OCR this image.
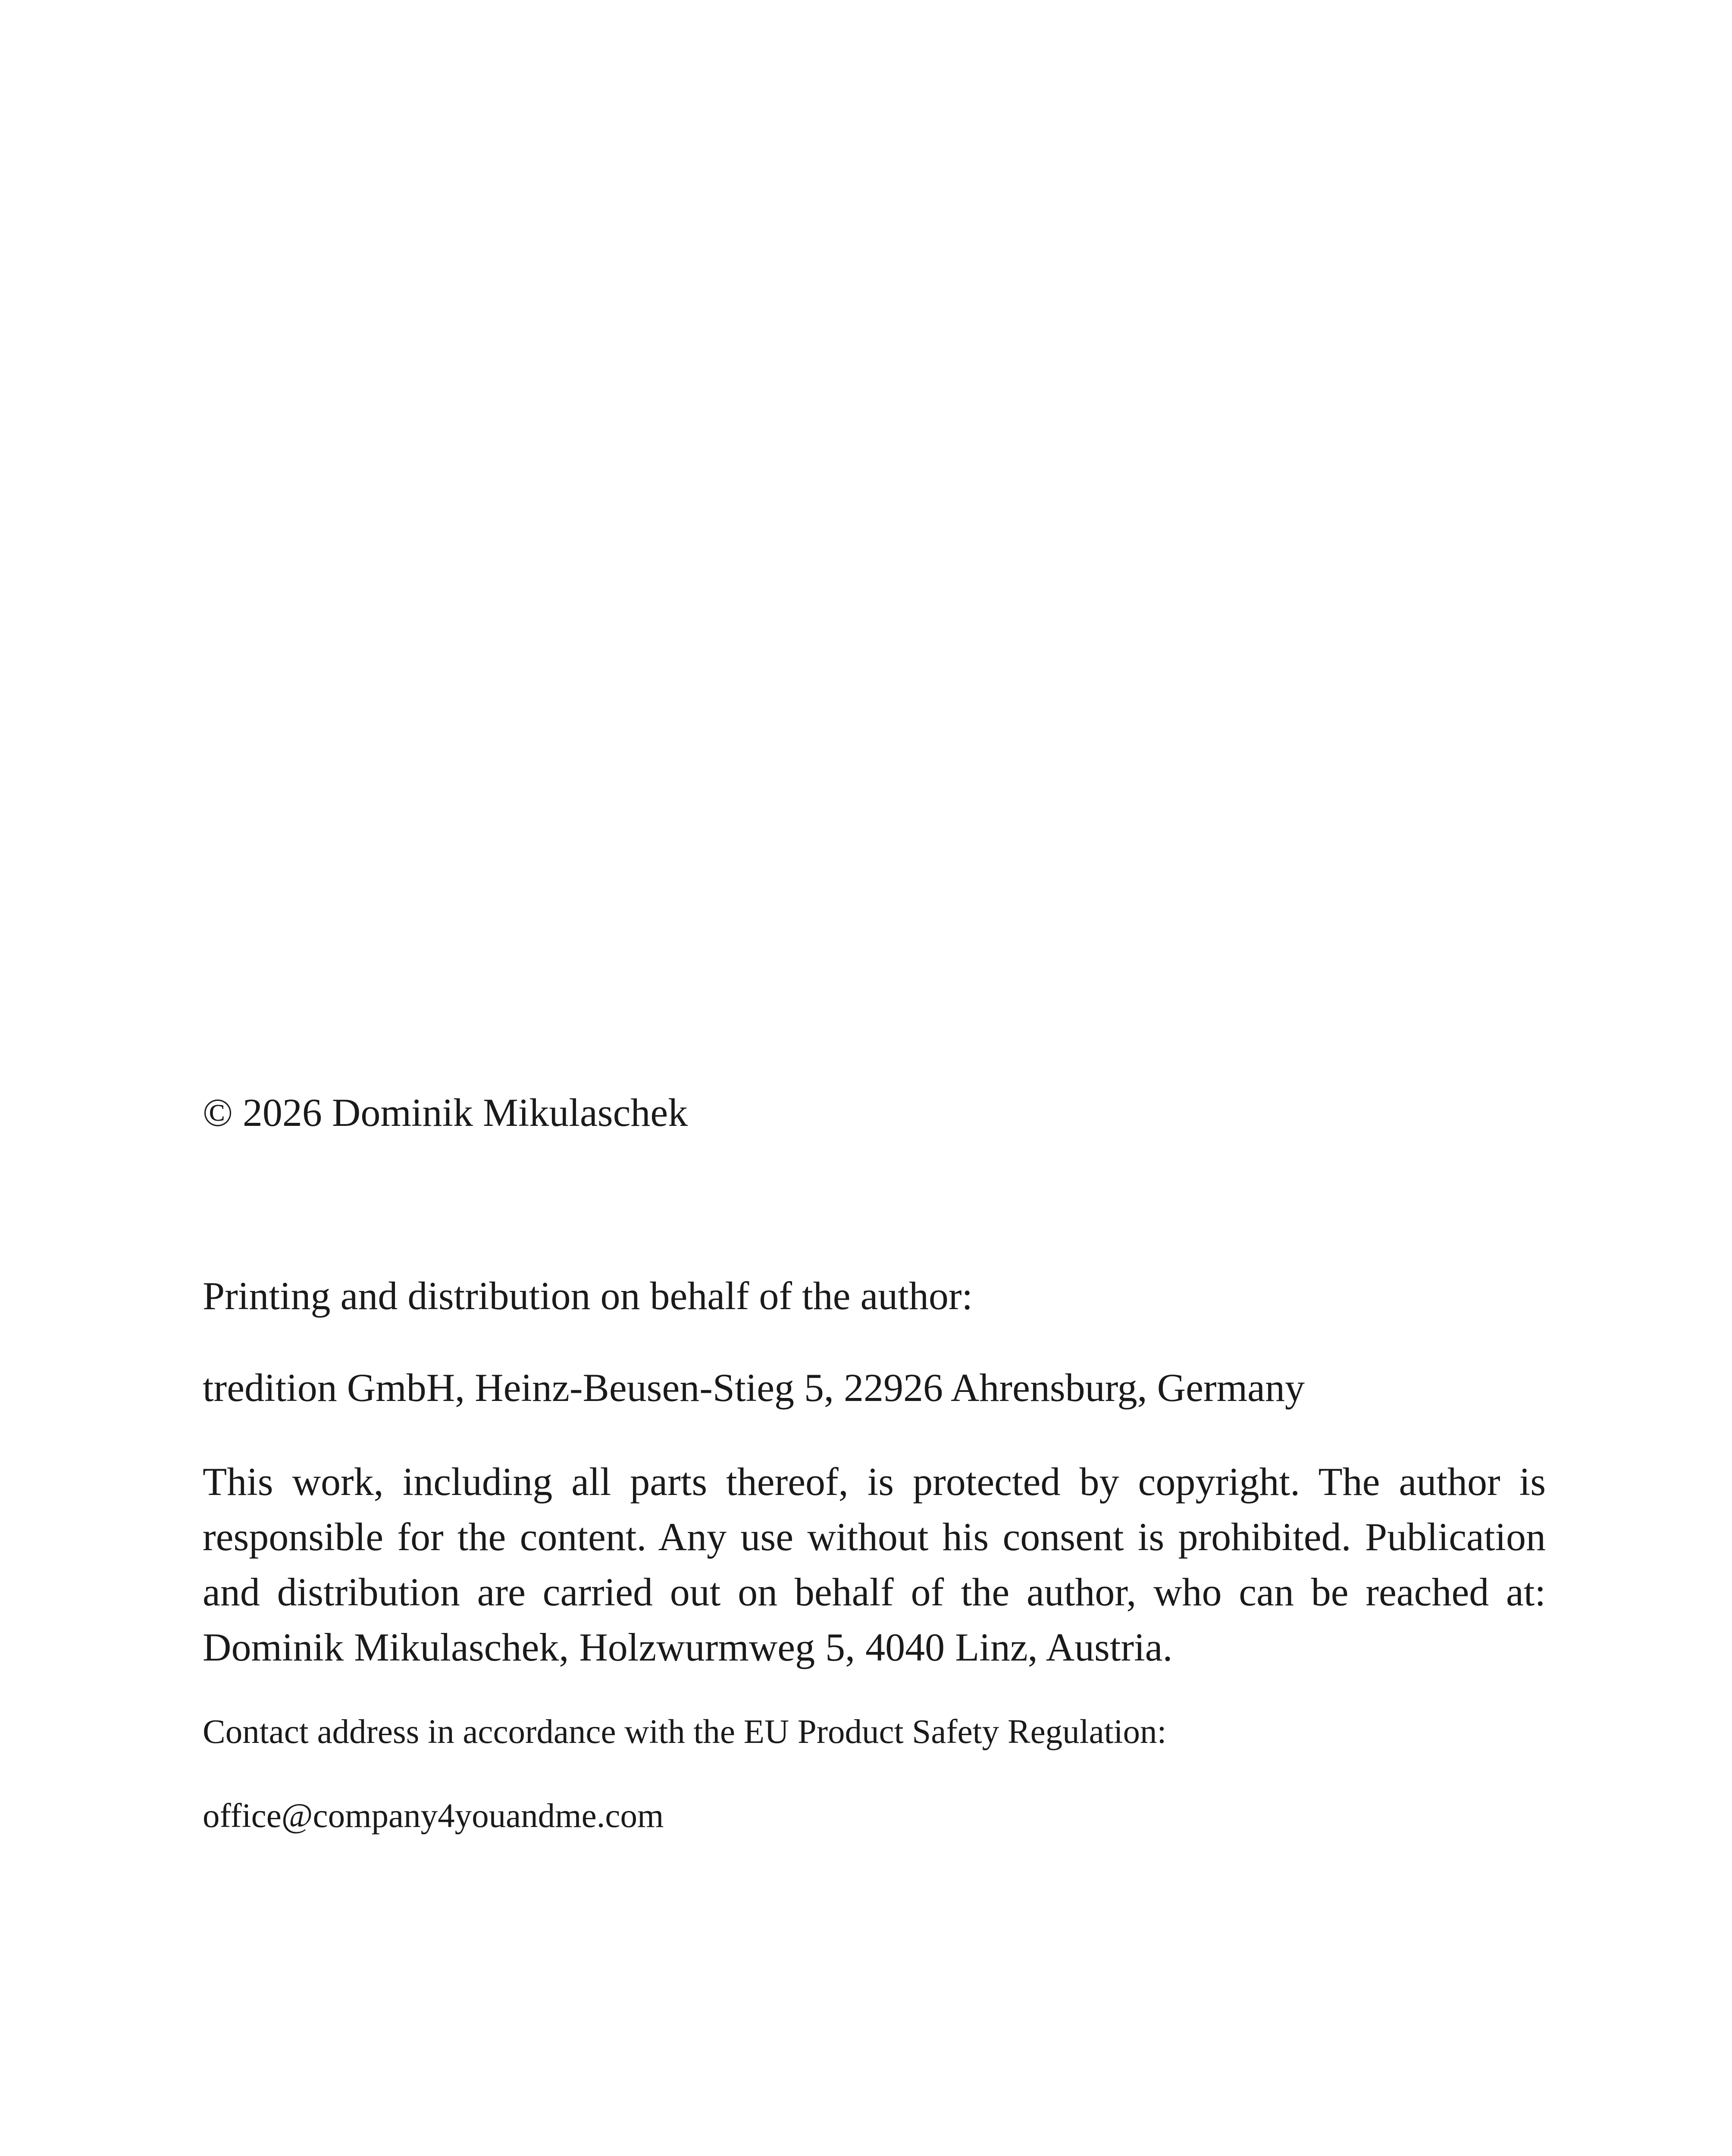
© 2026 Dominik Mikulaschek

Printing and distribution on behalf of the author:

tredition GmbH, Heinz-Beusen-Stieg 5, 22926 Ahrensburg, Germany

This work, including all parts thereof, is protected by copyright. The author is responsible for the content. Any use without his consent is prohibited. Publication and distribution are carried out on behalf of the author, who can be reached at: Dominik Mikulaschek, Holzwurmweg 5, 4040 Linz, Austria.

Contact address in accordance with the EU Product Safety Regulation:

office@company4youandme.com
